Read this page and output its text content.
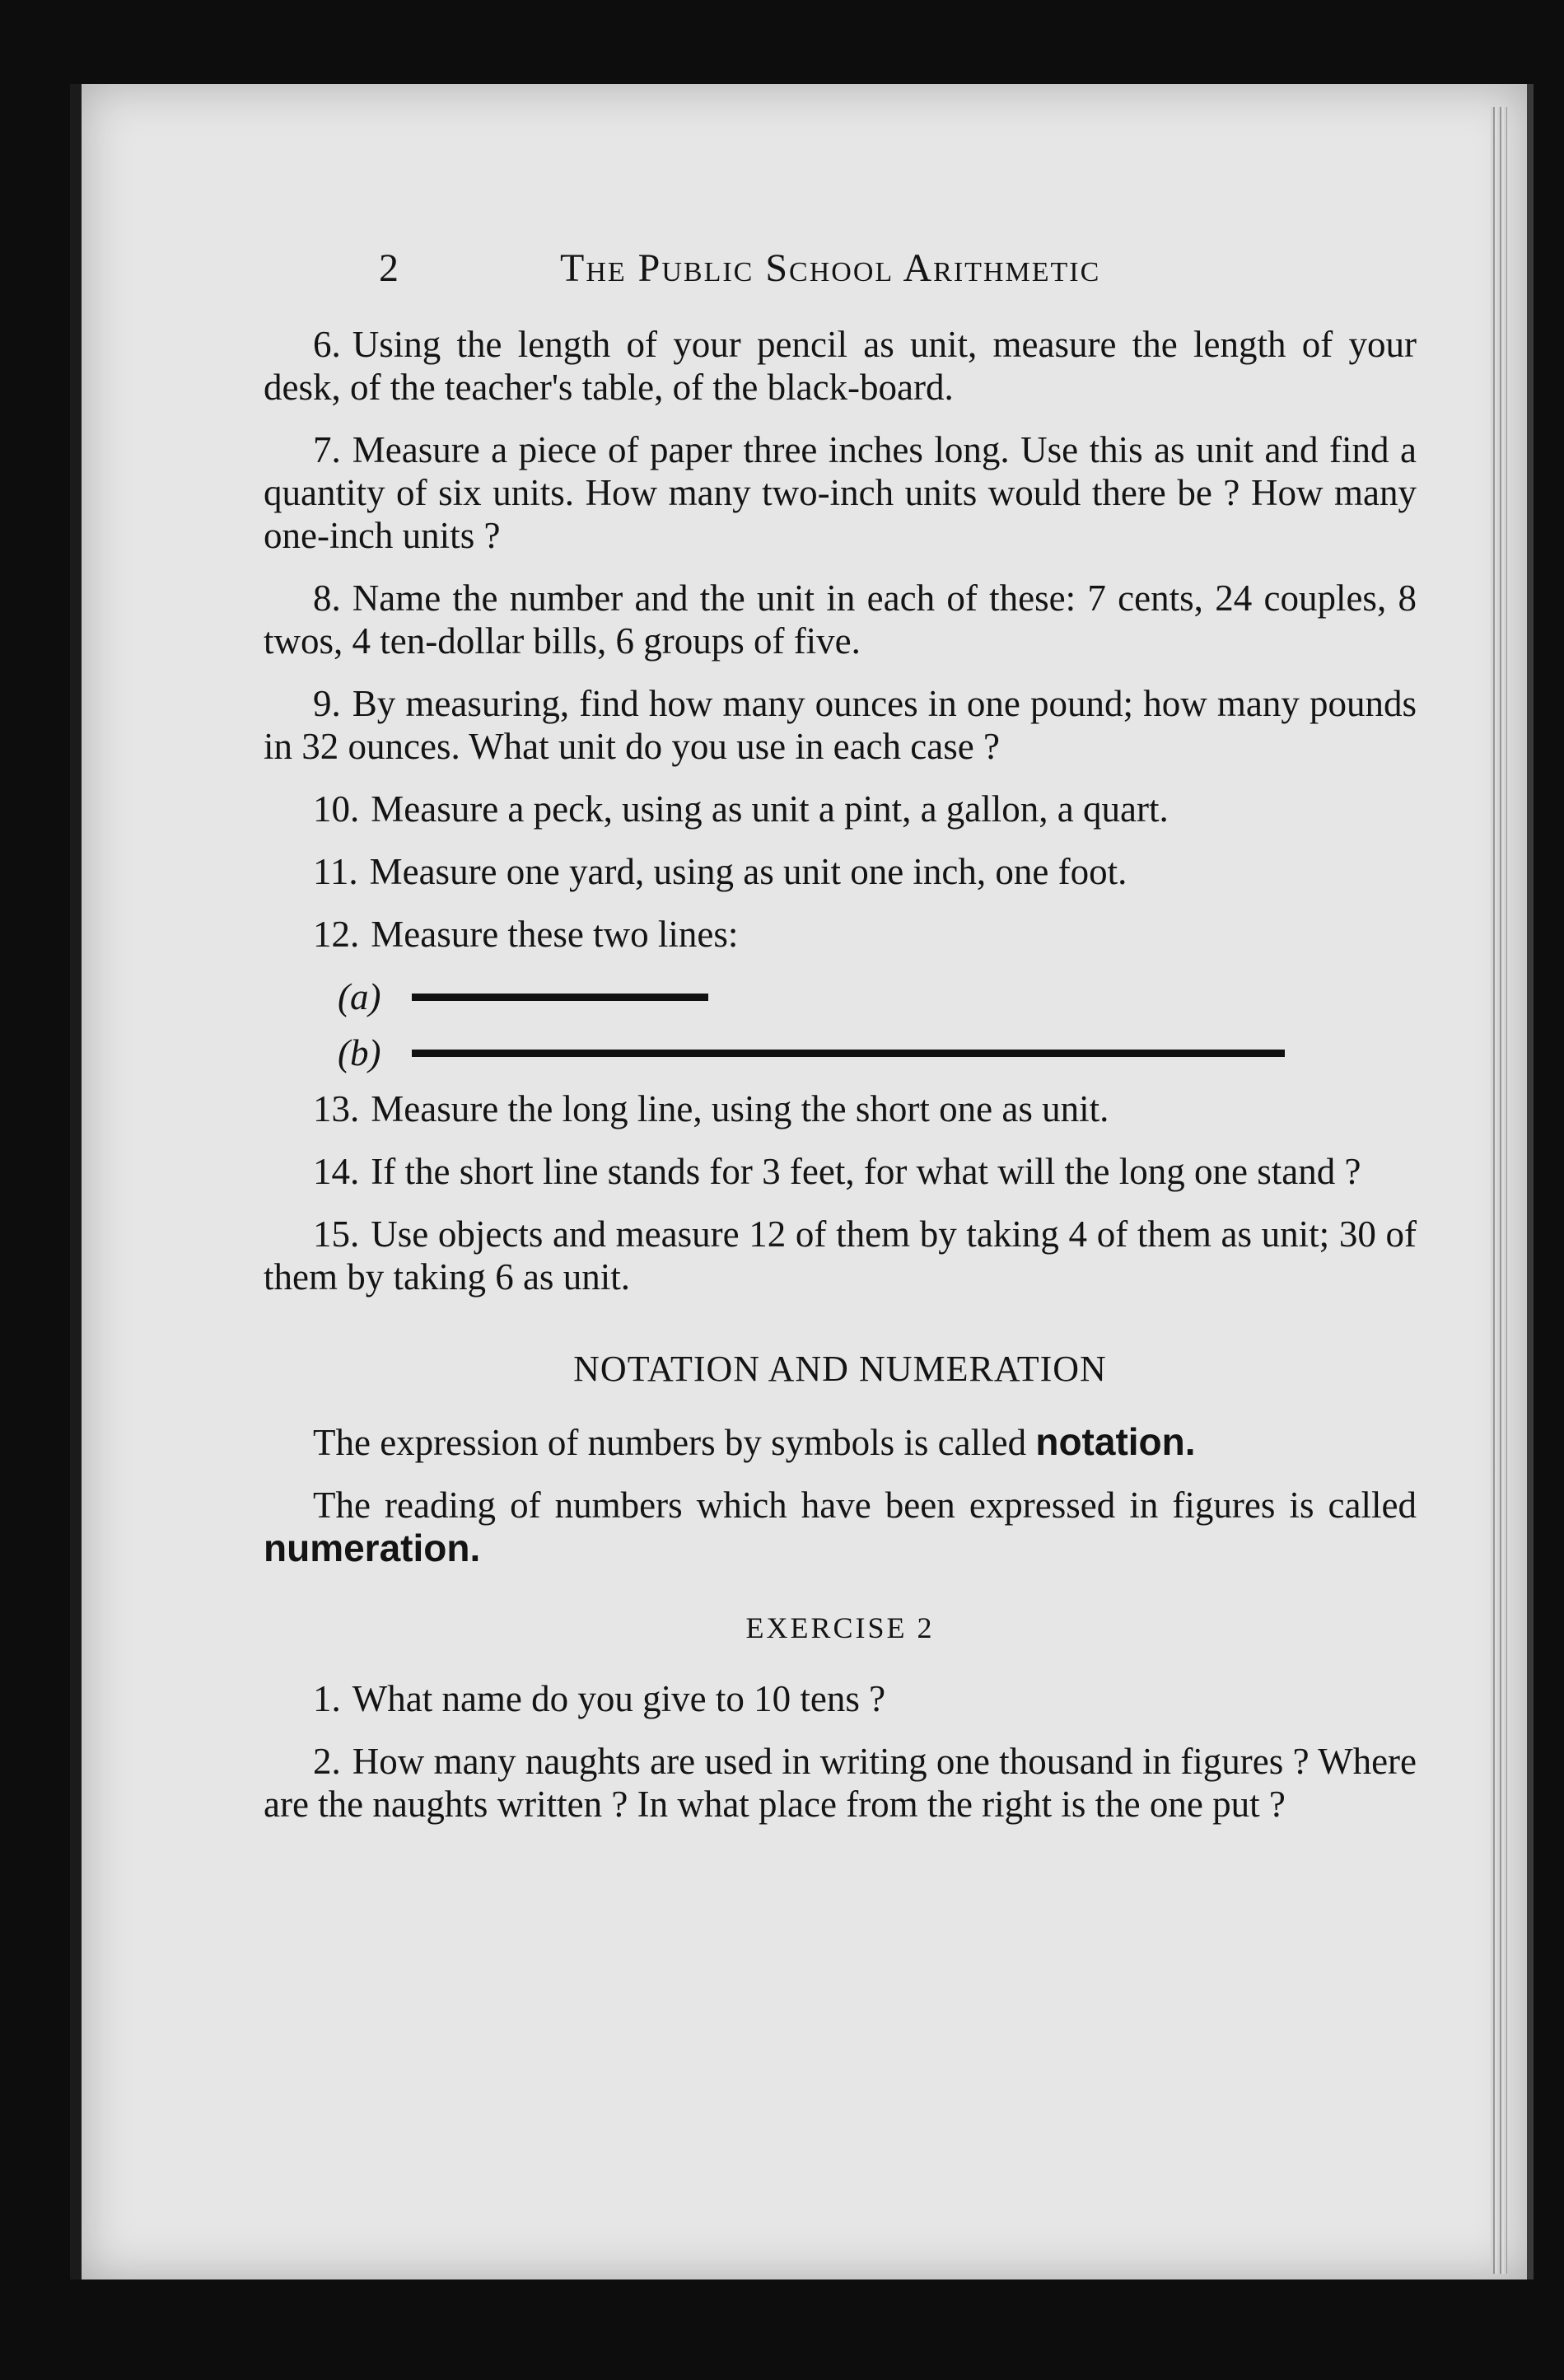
2	The Public School Arithmetic

6. Using the length of your pencil as unit, measure the length of your desk, of the teacher's table, of the black-board.

7. Measure a piece of paper three inches long. Use this as unit and find a quantity of six units. How many two-inch units would there be ? How many one-inch units ?

8. Name the number and the unit in each of these: 7 cents, 24 couples, 8 twos, 4 ten-dollar bills, 6 groups of five.

9. By measuring, find how many ounces in one pound; how many pounds in 32 ounces. What unit do you use in each case ?

10. Measure a peck, using as unit a pint, a gallon, a quart.

11. Measure one yard, using as unit one inch, one foot.

12. Measure these two lines:

(a)
(b)

13. Measure the long line, using the short one as unit.

14. If the short line stands for 3 feet, for what will the long one stand ?

15. Use objects and measure 12 of them by taking 4 of them as unit; 30 of them by taking 6 as unit.

NOTATION AND NUMERATION

The expression of numbers by symbols is called notation.

The reading of numbers which have been expressed in figures is called numeration.

EXERCISE 2

1. What name do you give to 10 tens ?

2. How many naughts are used in writing one thousand in figures ? Where are the naughts written ? In what place from the right is the one put ?
